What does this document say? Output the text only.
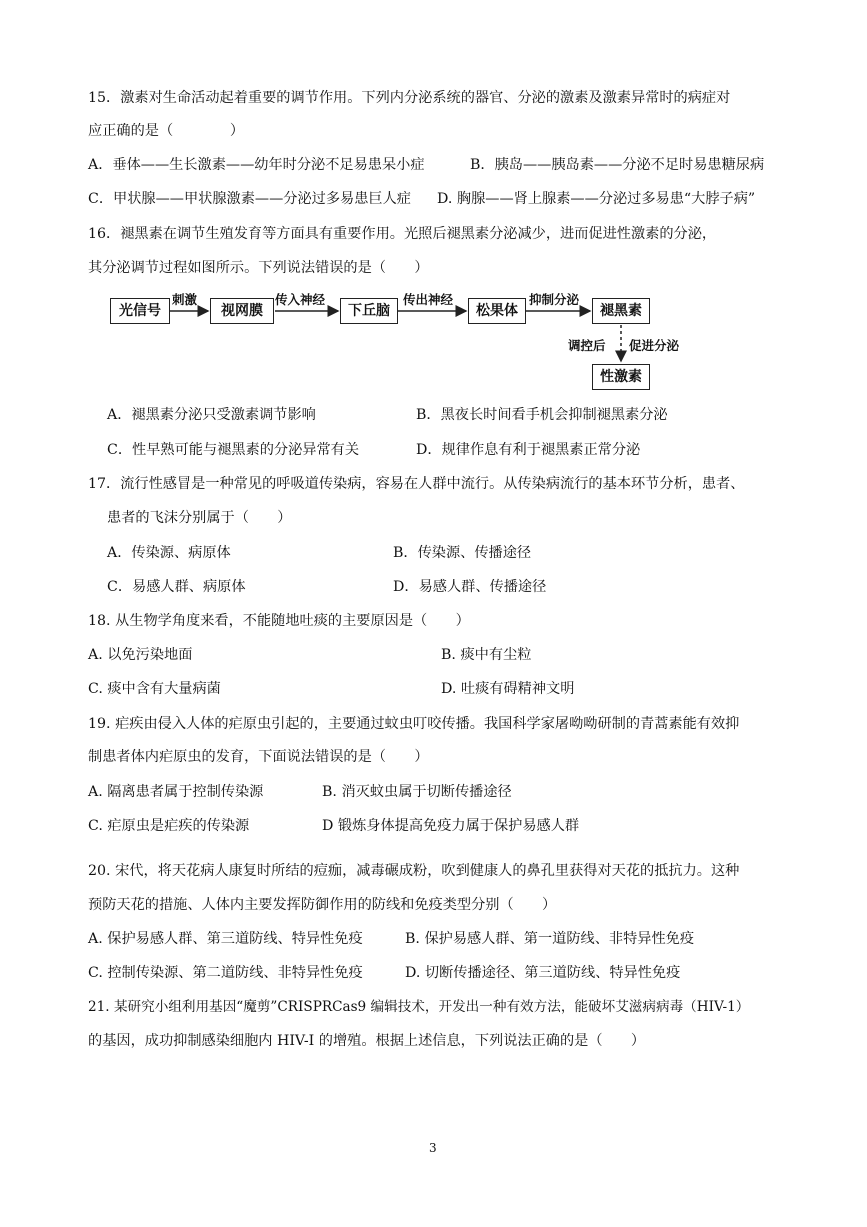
15．激素对生命活动起着重要的调节作用。下列内分泌系统的器官、分泌的激素及激素异常时的病症对
应正确的是（　　　　）
A．垂体——生长激素——幼年时分泌不足易患呆小症	B．胰岛——胰岛素——分泌不足时易患糖尿病
C．甲状腺——甲状腺激素——分泌过多易患巨人症 D. 胸腺——肾上腺素——分泌过多易患“大脖子病”
16．褪黑素在调节生殖发育等方面具有重要作用。光照后褪黑素分泌减少，进而促进性激素的分泌，
其分泌调节过程如图所示。下列说法错误的是（　　）
光信号
刺激
视网膜
传入神经
下丘脑
传出神经
松果体
抑制分泌
褪黑素
调控后 促进分泌
性激素
A．褪黑素分泌只受激素调节影响	B．黑夜长时间看手机会抑制褪黑素分泌
C．性早熟可能与褪黑素的分泌异常有关	D．规律作息有利于褪黑素正常分泌
17．流行性感冒是一种常见的呼吸道传染病，容易在人群中流行。从传染病流行的基本环节分析，患者、
患者的飞沫分别属于（　　）
A．传染源、病原体	B．传染源、传播途径
C．易感人群、病原体	D．易感人群、传播途径
18. 从生物学角度来看，不能随地吐痰的主要原因是（　　）
A. 以免污染地面	B. 痰中有尘粒
C. 痰中含有大量病菌	D. 吐痰有碍精神文明
19. 疟疾由侵入人体的疟原虫引起的，主要通过蚊虫叮咬传播。我国科学家屠呦呦研制的青蒿素能有效抑
制患者体内疟原虫的发育，下面说法错误的是（　　）
A. 隔离患者属于控制传染源	B. 消灭蚊虫属于切断传播途径
C. 疟原虫是疟疾的传染源	D 锻炼身体提高免疫力属于保护易感人群
20. 宋代，将天花病人康复时所结的痘痂，减毒碾成粉，吹到健康人的鼻孔里获得对天花的抵抗力。这种
预防天花的措施、人体内主要发挥防御作用的防线和免疫类型分别（　　）
A. 保护易感人群、第三道防线、特异性免疫	B. 保护易感人群、第一道防线、非特异性免疫
C. 控制传染源、第二道防线、非特异性免疫	D. 切断传播途径、第三道防线、特异性免疫
21. 某研究小组利用基因“魔剪”CRISPRCas9 编辑技术，开发出一种有效方法，能破坏艾滋病病毒（HIV-1）
的基因，成功抑制感染细胞内 HIV-I 的增殖。根据上述信息，下列说法正确的是（　　）
3
